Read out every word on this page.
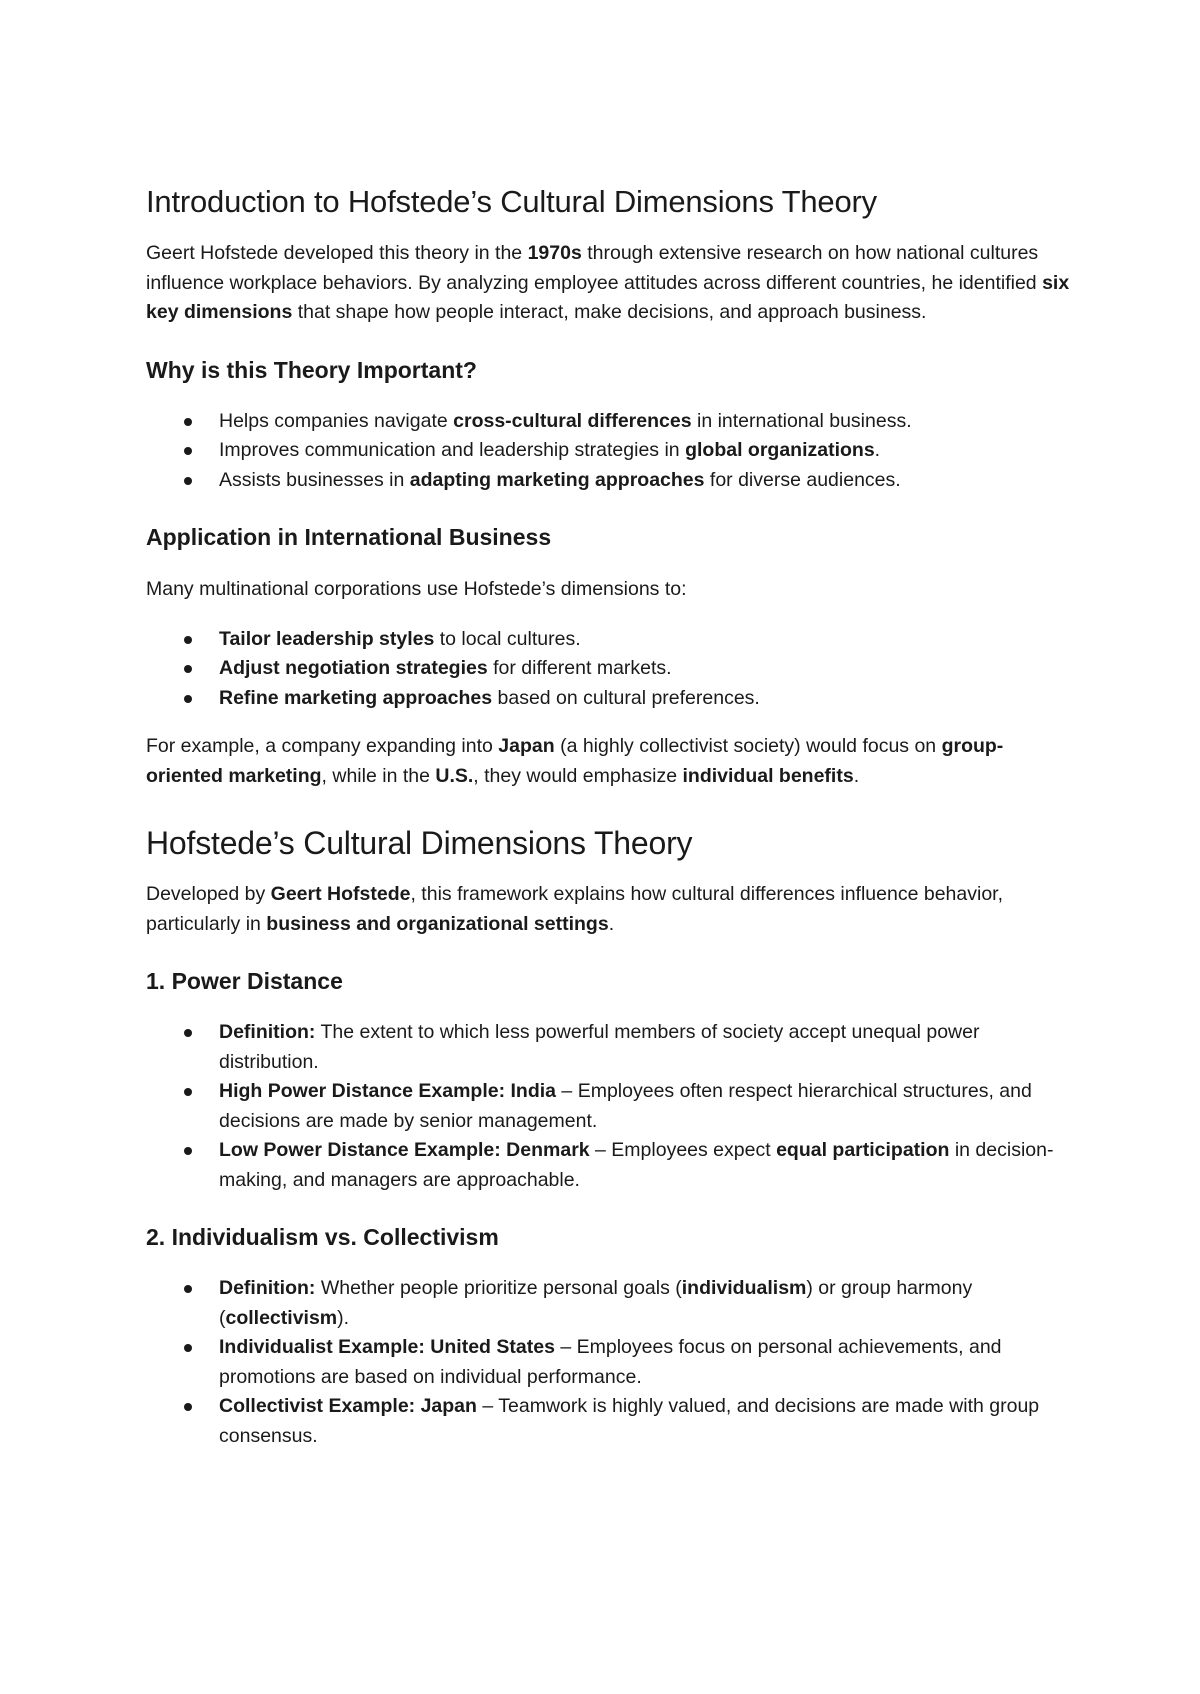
Introduction to Hofstede’s Cultural Dimensions Theory

Geert Hofstede developed this theory in the 1970s through extensive research on how national cultures influence workplace behaviors. By analyzing employee attitudes across different countries, he identified six key dimensions that shape how people interact, make decisions, and approach business.

Why is this Theory Important?
Helps companies navigate cross-cultural differences in international business.
Improves communication and leadership strategies in global organizations.
Assists businesses in adapting marketing approaches for diverse audiences.
Application in International Business

Many multinational corporations use Hofstede’s dimensions to:

Tailor leadership styles to local cultures.
Adjust negotiation strategies for different markets.
Refine marketing approaches based on cultural preferences.

For example, a company expanding into Japan (a highly collectivist society) would focus on group-oriented marketing, while in the U.S., they would emphasize individual benefits.

Hofstede’s Cultural Dimensions Theory

Developed by Geert Hofstede, this framework explains how cultural differences influence behavior, particularly in business and organizational settings.

1. Power Distance
Definition: The extent to which less powerful members of society accept unequal power distribution.
High Power Distance Example: India – Employees often respect hierarchical structures, and decisions are made by senior management.
Low Power Distance Example: Denmark – Employees expect equal participation in decision-making, and managers are approachable.
2. Individualism vs. Collectivism
Definition: Whether people prioritize personal goals (individualism) or group harmony (collectivism).
Individualist Example: United States – Employees focus on personal achievements, and promotions are based on individual performance.
Collectivist Example: Japan – Teamwork is highly valued, and decisions are made with group consensus.
